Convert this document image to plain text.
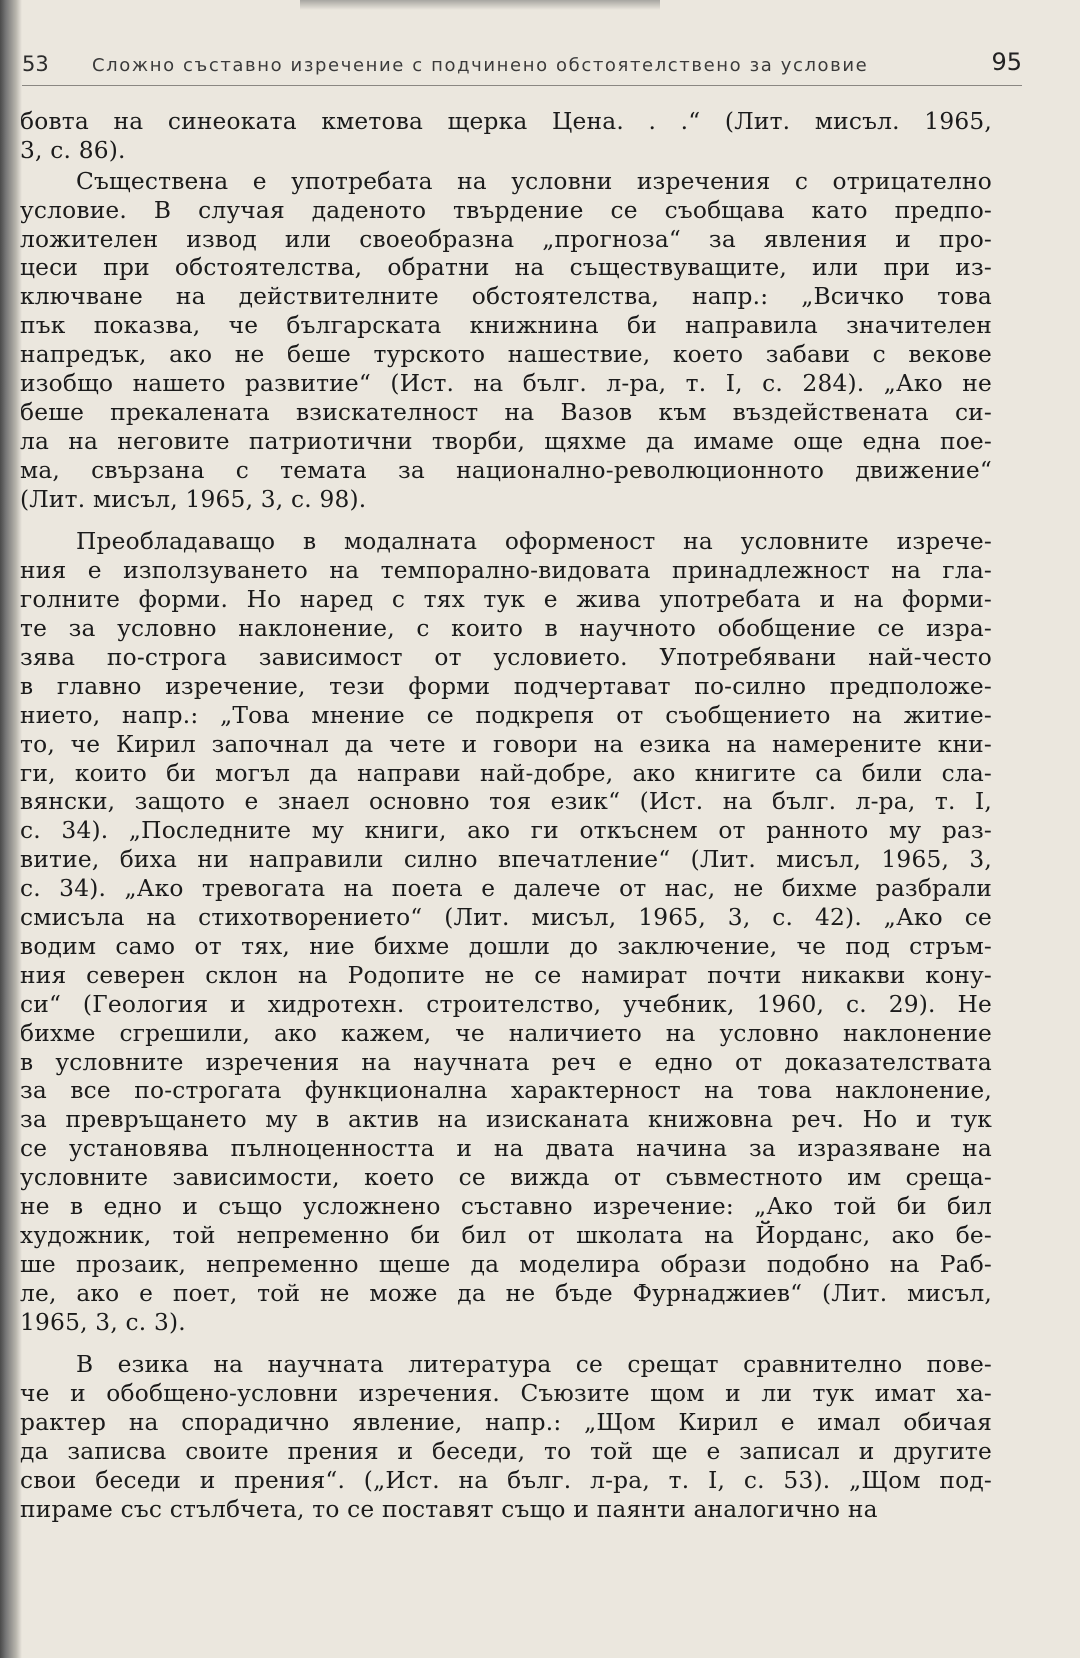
53 Сложно съставно изречение с подчинено обстоятелствено за условие	95
бовта на синеоката кметова щерка Цена. . .“ (Лит. мисъл. 1965,
3, с. 86).
Съществена е употребата на условни изречения с отрицателно
условие. В случая даденото твърдение се съобщава като предпо-
ложителен извод или своеобразна „прогноза“ за явления и про-
цеси при обстоятелства, обратни на съществуващите, или при из-
ключване на действителните обстоятелства, напр.: „Всичко това
пък показва, че българската книжнина би направила значителен
напредък, ако не беше турското нашествие, което забави с векове
изобщо нашето развитие“ (Ист. на бълг. л-ра, т. I, с. 284). „Ако не
беше прекалената взискателност на Вазов към въздействената си-
ла на неговите патриотични творби, щяхме да имаме още една пое-
ма, свързана с темата за национално-революционното движение“
(Лит. мисъл, 1965, 3, с. 98).
Преобладаващо в модалната оформеност на условните изрече-
ния е използуването на темпорално-видовата принадлежност на гла-
голните форми. Но наред с тях тук е жива употребата и на форми-
те за условно наклонение, с които в научното обобщение се изра-
зява по-строга зависимост от условието. Употребявани най-често
в главно изречение, тези форми подчертават по-силно предположе-
нието, напр.: „Това мнение се подкрепя от съобщението на житие-
то, че Кирил започнал да чете и говори на езика на намерените кни-
ги, които би могъл да направи най-добре, ако книгите са били сла-
вянски, защото е знаел основно тоя език“ (Ист. на бълг. л-ра, т. I,
с. 34). „Последните му книги, ако ги откъснем от ранното му раз-
витие, биха ни направили силно впечатление“ (Лит. мисъл, 1965, 3,
с. 34). „Ако тревогата на поета е далече от нас, не бихме разбрали
смисъла на стихотворението“ (Лит. мисъл, 1965, 3, с. 42). „Ако се
водим само от тях, ние бихме дошли до заключение, че под стръм-
ния северен склон на Родопите не се намират почти никакви кону-
си“ (Геология и хидротехн. строителство, учебник, 1960, с. 29). Не
бихме сгрешили, ако кажем, че наличието на условно наклонение
в условните изречения на научната реч е едно от доказателствата
за все по-строгата функционална характерност на това наклонение,
за превръщането му в актив на изисканата книжовна реч. Но и тук
се установява пълноценността и на двата начина за изразяване на
условните зависимости, което се вижда от съвместното им среща-
не в едно и също усложнено съставно изречение: „Ако той би бил
художник, той непременно би бил от школата на Йорданс, ако бе-
ше прозаик, непременно щеше да моделира образи подобно на Раб-
ле, ако е поет, той не може да не бъде Фурнаджиев“ (Лит. мисъл,
1965, 3, с. 3).
В езика на научната литература се срещат сравнително пове-
че и обобщено-условни изречения. Съюзите щом и ли тук имат ха-
рактер на спорадично явление, напр.: „Щом Кирил е имал обичая
да записва своите прения и беседи, то той ще е записал и другите
свои беседи и прения“. („Ист. на бълг. л-ра, т. I, с. 53). „Щом под-
пираме със стълбчета, то се поставят също и паянти аналогично на
